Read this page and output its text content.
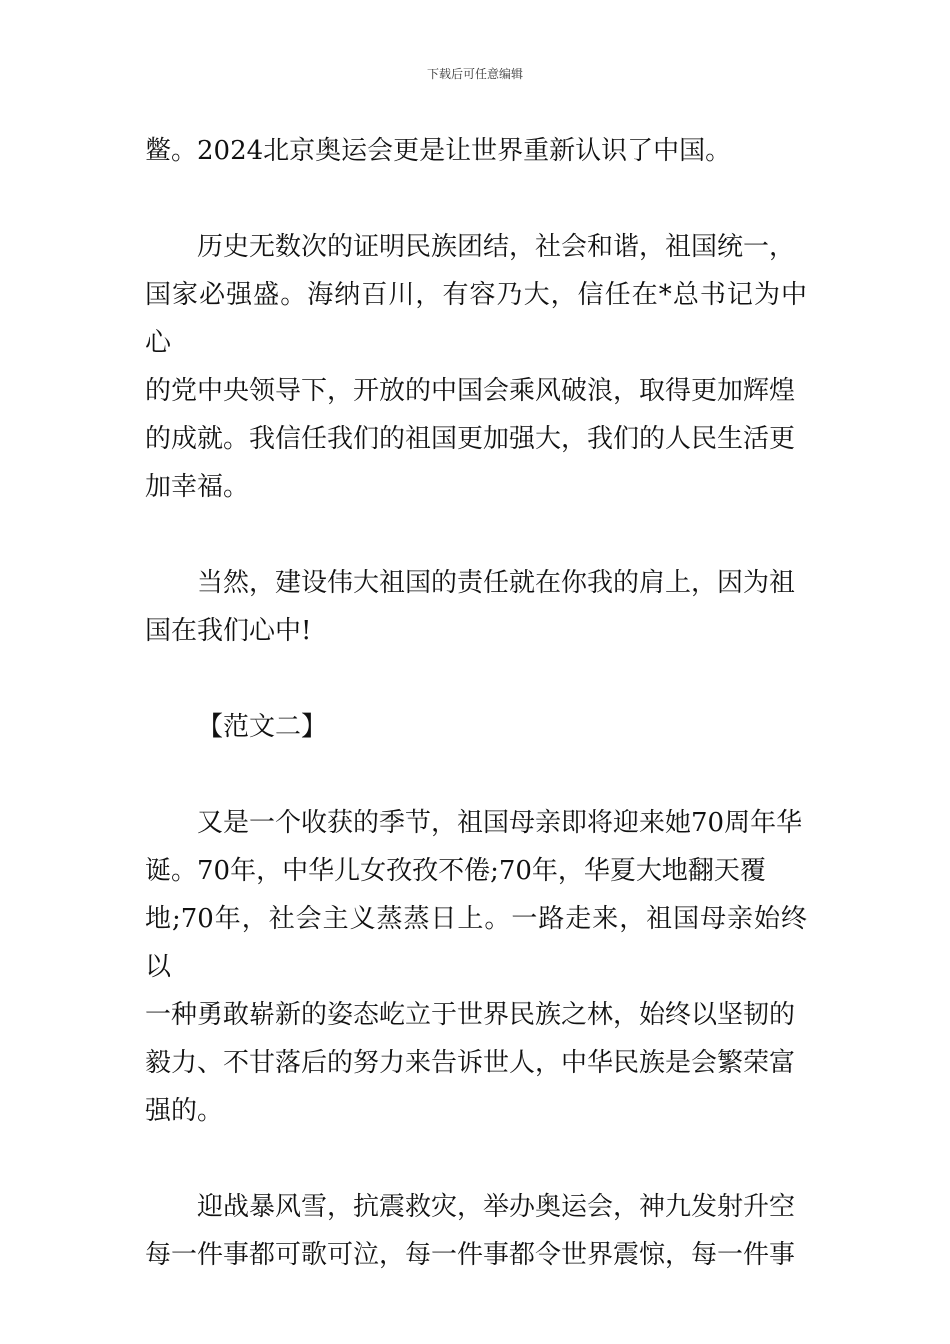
下载后可任意编辑
鳖。2024北京奥运会更是让世界重新认识了中国。
历史无数次的证明民族团结，社会和谐，祖国统一，
国家必强盛。海纳百川，有容乃大，信任在*总书记为中心
的党中央领导下，开放的中国会乘风破浪，取得更加辉煌
的成就。我信任我们的祖国更加强大，我们的人民生活更
加幸福。
当然，建设伟大祖国的责任就在你我的肩上，因为祖
国在我们心中!
【范文二】
又是一个收获的季节，祖国母亲即将迎来她70周年华
诞。70年，中华儿女孜孜不倦;70年，华夏大地翻天覆
地;70年，社会主义蒸蒸日上。一路走来，祖国母亲始终以
一种勇敢崭新的姿态屹立于世界民族之林，始终以坚韧的
毅力、不甘落后的努力来告诉世人，中华民族是会繁荣富
强的。
迎战暴风雪，抗震救灾，举办奥运会，神九发射升空
每一件事都可歌可泣，每一件事都令世界震惊，每一件事
